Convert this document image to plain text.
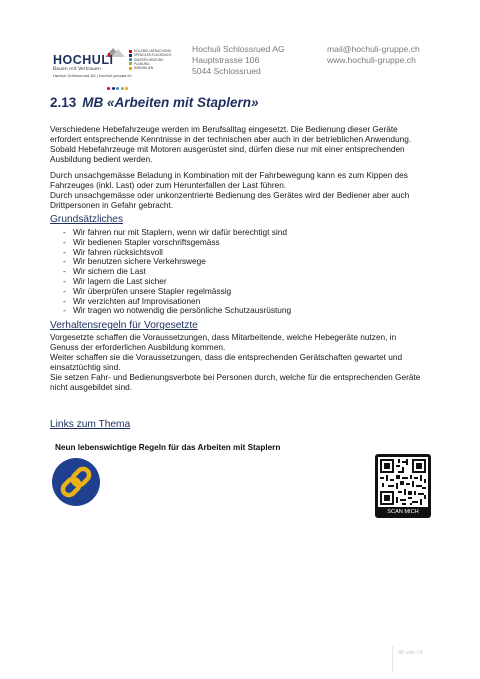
HOCHULI
Bauen mit Vertrauen
Hochuli Schlossrued AG | hochuli-gruppe.ch
HOLZBAU-BEDACHUNG
SPENGLER-FLACHDACH
SANITÄR-HEIZUNG
PLANUNG
IMMOBILIEN
Hochuli Schlossrued AG
Hauptstrasse 106
5044 Schlossrued
mail@hochuli-gruppe.ch
www.hochuli-gruppe.ch
2.13 MB «Arbeiten mit Staplern»
Verschiedene Hebefahrzeuge werden im Berufsalltag eingesetzt. Die Bedienung dieser Geräte
erfordert entsprechende Kenntnisse in der technischen aber auch in der betrieblichen Anwendung.
Sobald Hebefahrzeuge mit Motoren ausgerüstet sind, dürfen diese nur mit einer entsprechenden
Ausbildung bedient werden.
Durch unsachgemässe Beladung in Kombination mit der Fahrbewegung kann es zum Kippen des
Fahrzeuges (inkl. Last) oder zum Herunterfallen der Last führen.
Durch unsachgemässe oder unkonzentrierte Bedienung des Gerätes wird der Bediener aber auch
Drittpersonen in Gefahr gebracht.
Grundsätzliches
- Wir fahren nur mit Staplern, wenn wir dafür berechtigt sind
- Wir bedienen Stapler vorschriftsgemäss
- Wir fahren rücksichtsvoll
- Wir benutzen sichere Verkehrswege
- Wir sichern die Last
- Wir lagern die Last sicher
- Wir überprüfen unsere Stapler regelmässig
- Wir verzichten auf Improvisationen
- Wir tragen wo notwendig die persönliche Schutzausrüstung
Verhaltensregeln für Vorgesetzte
Vorgesetzte schaffen die Voraussetzungen, dass Mitarbeitende, welche Hebegeräte nutzen, in
Genuss der erforderlichen Ausbildung kommen.
Weiter schaffen sie die Voraussetzungen, dass die entsprechenden Gerätschaften gewartet und
einsatztüchtig sind.
Sie setzen Fahr- und Bedienungsverbote bei Personen durch, welche für die entsprechenden Geräte
nicht ausgebildet sind.
Links zum Thema
Neun lebenswichtige Regeln für das Arbeiten mit Staplern
SCAN MICH
40 von 74
